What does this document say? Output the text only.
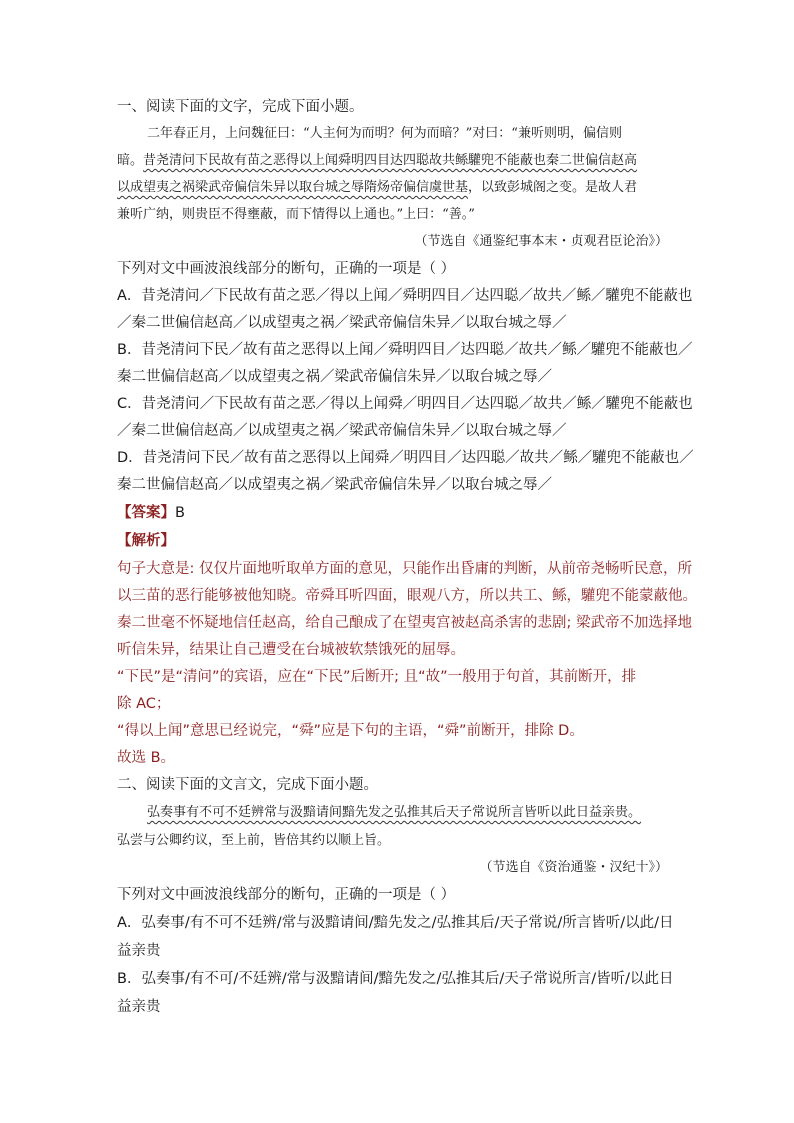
一、阅读下面的文字，完成下面小题。
二年春正月，上问魏征曰：“人主何为而明？何为而暗？”对曰：“兼听则明，偏信则
暗。昔尧清问下民故有苗之恶得以上闻舜明四目达四聪故共鲧驩兜不能蔽也秦二世偏信赵高
以成望夷之祸梁武帝偏信朱异以取台城之辱隋炀帝偏信虞世基，以致彭城阁之变。是故人君
兼听广纳，则贵臣不得壅蔽，而下情得以上通也。”上曰：“善。”
（节选自《通鉴纪事本末・贞观君臣论治》）
下列对文中画波浪线部分的断句，正确的一项是（ ）
A．昔尧清问／下民故有苗之恶／得以上闻／舜明四目／达四聪／故共／鲧／驩兜不能蔽也
／秦二世偏信赵高／以成望夷之祸／梁武帝偏信朱异／以取台城之辱／
B．昔尧清问下民／故有苗之恶得以上闻／舜明四目／达四聪／故共／鲧／驩兜不能蔽也／
秦二世偏信赵高／以成望夷之祸／梁武帝偏信朱异／以取台城之辱／
C．昔尧清问／下民故有苗之恶／得以上闻舜／明四目／达四聪／故共／鲧／驩兜不能蔽也
／秦二世偏信赵高／以成望夷之祸／梁武帝偏信朱异／以取台城之辱／
D．昔尧清问下民／故有苗之恶得以上闻舜／明四目／达四聪／故共／鲧／驩兜不能蔽也／
秦二世偏信赵高／以成望夷之祸／梁武帝偏信朱异／以取台城之辱／
【答案】B
【解析】
句子大意是: 仅仅片面地听取单方面的意见，只能作出昏庸的判断，从前帝尧畅听民意，所
以三苗的恶行能够被他知晓。帝舜耳听四面，眼观八方，所以共工、鲧，驩兜不能蒙蔽他。
秦二世毫不怀疑地信任赵高，给自己酿成了在望夷宫被赵高杀害的悲剧; 梁武帝不加选择地
听信朱异，结果让自己遭受在台城被软禁饿死的屈辱。
“下民”是“清问”的宾语，应在“下民”后断开; 且“故”一般用于句首，其前断开，排
除 AC；
“得以上闻”意思已经说完，“舜”应是下句的主语，“舜”前断开，排除 D。
故选 B。
二、阅读下面的文言文，完成下面小题。
弘奏事有不可不廷辨常与汲黯请间黯先发之弘推其后天子常说所言皆听以此日益亲贵。
弘尝与公卿约议，至上前，皆倍其约以顺上旨。
（节选自《资治通鉴・汉纪十》）
下列对文中画波浪线部分的断句，正确的一项是（ ）
A．弘奏事/有不可不廷辨/常与汲黯请间/黯先发之/弘推其后/天子常说/所言皆听/以此/日
益亲贵
B．弘奏事/有不可/不廷辨/常与汲黯请间/黯先发之/弘推其后/天子常说所言/皆听/以此日
益亲贵
